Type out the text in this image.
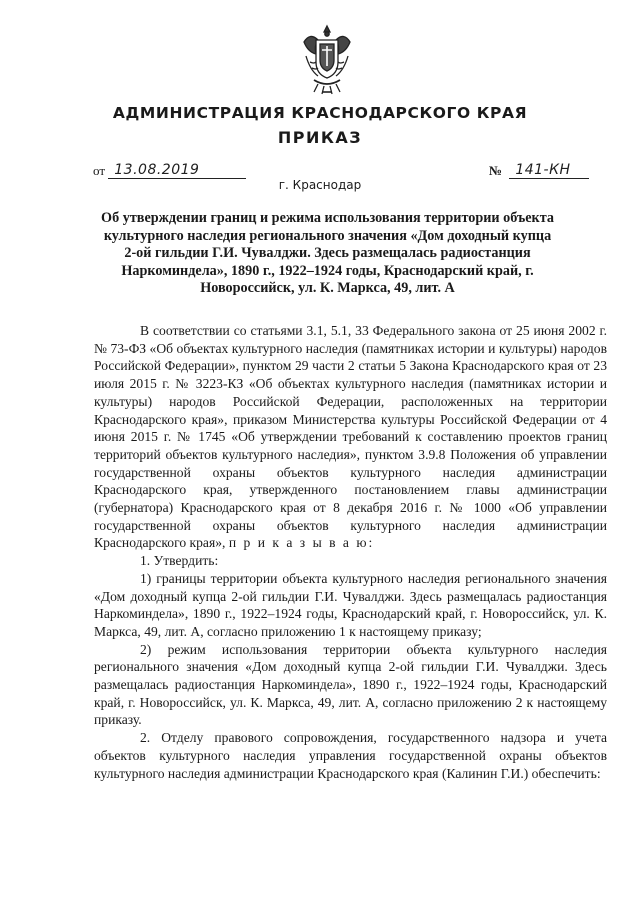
АДМИНИСТРАЦИЯ КРАСНОДАРСКОГО КРАЯ
ПРИКАЗ
от 13.08.2019	№ 141-КН
г. Краснодар
Об утверждении границ и режима использования территории объекта культурного наследия регионального значения «Дом доходный купца 2-ой гильдии Г.И. Чувалджи. Здесь размещалась радиостанция Наркоминдела», 1890 г., 1922–1924 годы, Краснодарский край, г. Новороссийск, ул. К. Маркса, 49, лит. А

В соответствии со статьями 3.1, 5.1, 33 Федерального закона от 25 июня 2002 г. № 73-ФЗ «Об объектах культурного наследия (памятниках истории и культуры) народов Российской Федерации», пунктом 29 части 2 статьи 5 Закона Краснодарского края от 23 июля 2015 г. № 3223-КЗ «Об объектах культурного наследия (памятниках истории и культуры) народов Российской Федерации, расположенных на территории Краснодарского края», приказом Министерства культуры Российской Федерации от 4 июня 2015 г. № 1745 «Об утверждении требований к составлению проектов границ территорий объектов культурного наследия», пунктом 3.9.8 Положения об управлении государственной охраны объектов культурного наследия администрации Краснодарского края, утвержденного постановлением главы администрации (губернатора) Краснодарского края от 8 декабря 2016 г. № 1000 «Об управлении государственной охраны объектов культурного наследия администрации Краснодарского края», п р и к а з ы в а ю:

1. Утвердить:

1) границы территории объекта культурного наследия регионального значения «Дом доходный купца 2-ой гильдии Г.И. Чувалджи. Здесь размещалась радиостанция Наркоминдела», 1890 г., 1922–1924 годы, Краснодарский край, г. Новороссийск, ул. К. Маркса, 49, лит. А, согласно приложению 1 к настоящему приказу;

2) режим использования территории объекта культурного наследия регионального значения «Дом доходный купца 2-ой гильдии Г.И. Чувалджи. Здесь размещалась радиостанция Наркоминдела», 1890 г., 1922–1924 годы, Краснодарский край, г. Новороссийск, ул. К. Маркса, 49, лит. А, согласно приложению 2 к настоящему приказу.

2. Отделу правового сопровождения, государственного надзора и учета объектов культурного наследия управления государственной охраны объектов культурного наследия администрации Краснодарского края (Калинин Г.И.) обеспечить:
